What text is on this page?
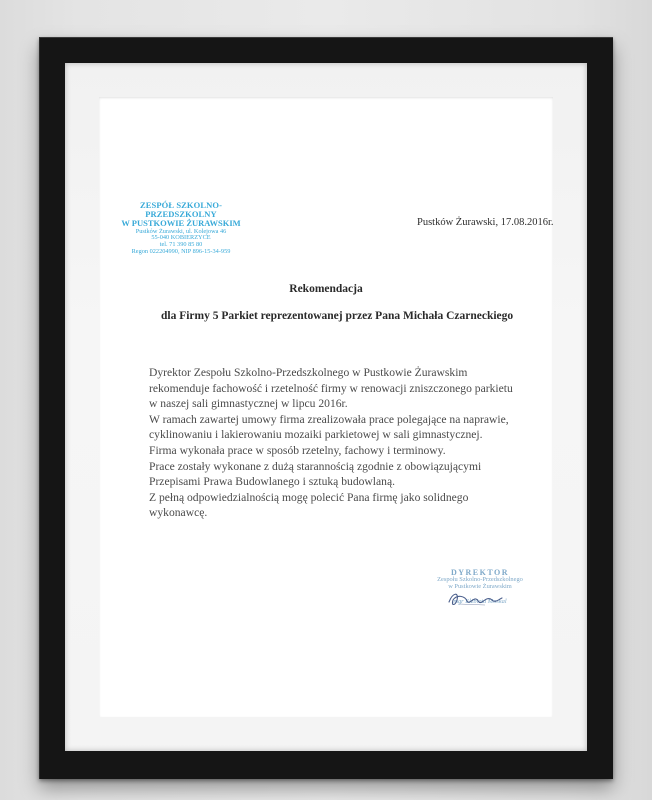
ZESPÓŁ SZKOLNO-PRZEDSZKOLNY
W PUSTKOWIE ŻURAWSKIM
Pustków Żurawski, ul. Kolejowa 46
55-040 KOBIERZYCE
tel. 71 390 85 80
Regon 022204990, NIP 896-15-34-959
Pustków Żurawski, 17.08.2016r.
Rekomendacja
dla Firmy 5 Parkiet reprezentowanej przez Pana Michała Czarneckiego

Dyrektor Zespołu Szkolno-Przedszkolnego w Pustkowie Żurawskim

rekomenduje fachowość i rzetelność firmy w renowacji zniszczonego parkietu

w naszej sali gimnastycznej w lipcu 2016r.

W ramach zawartej umowy firma zrealizowała prace polegające na naprawie,

cyklinowaniu i lakierowaniu mozaiki parkietowej w sali gimnastycznej.

Firma wykonała prace w sposób rzetelny, fachowy i terminowy.

Prace zostały wykonane z dużą starannością zgodnie z obowiązującymi

Przepisami Prawa Budowlanego i sztuką budowlaną.

Z pełną odpowiedzialnością mogę polecić Pana firmę jako solidnego

wykonawcę.

DYREKTOR
Zespołu Szkolno-Przedszkolnego
w Pustkowie Żurawskim
mgr Elżbieta Moskal
